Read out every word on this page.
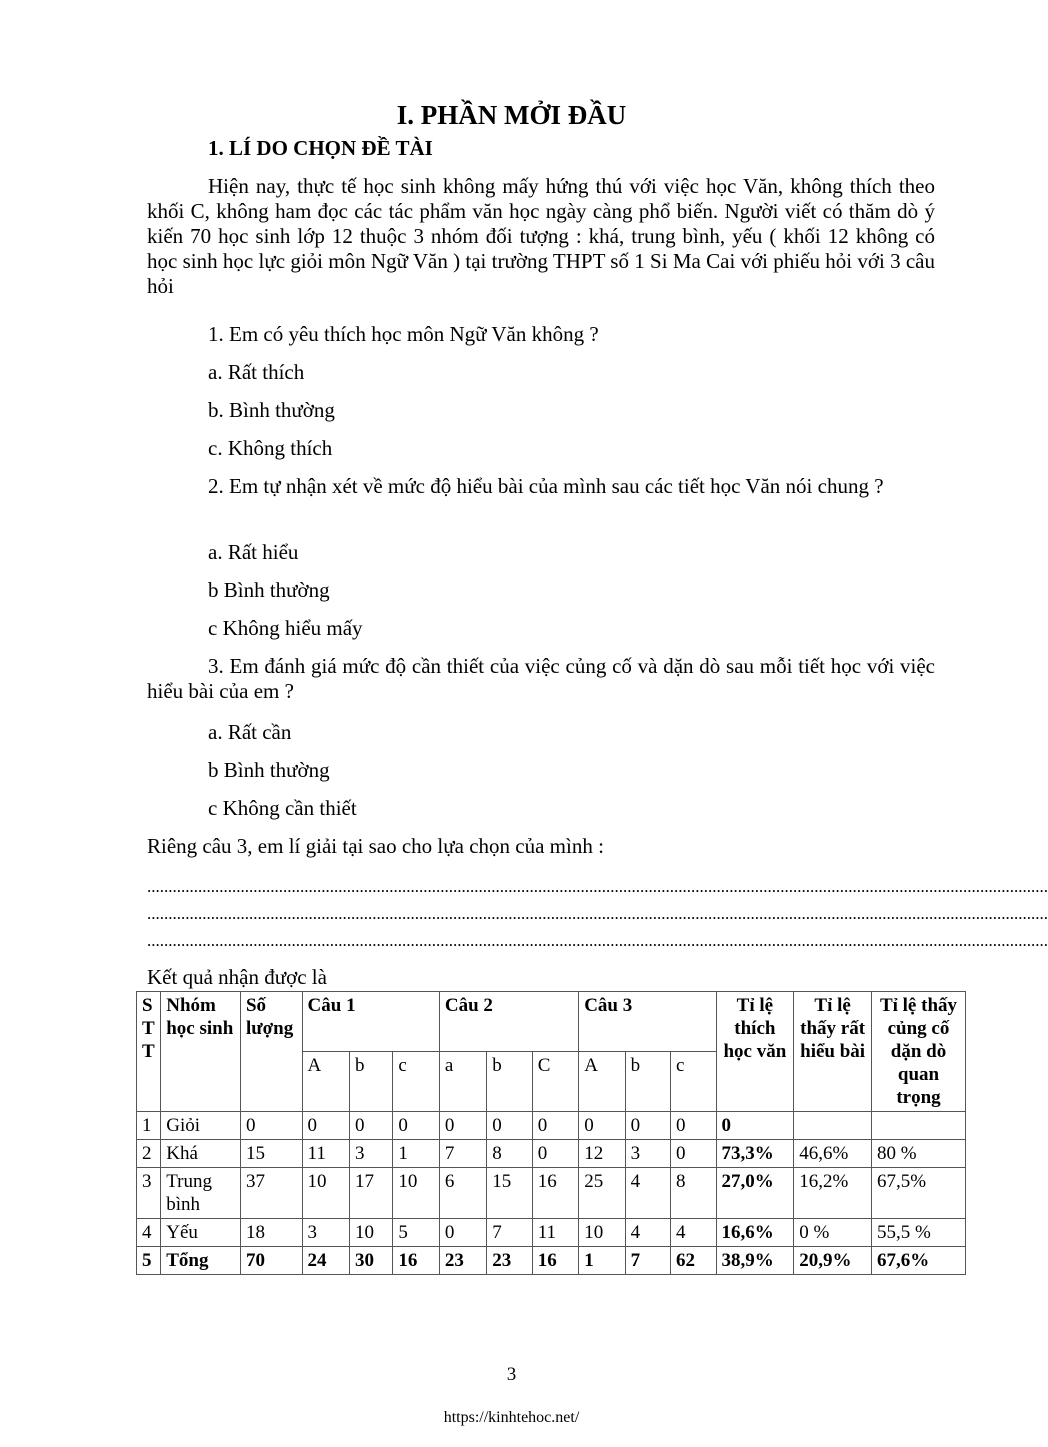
I. PHẦN MỞI ĐẦU
1. LÍ DO CHỌN ĐỀ TÀI

Hiện nay, thực tế học sinh không mấy hứng thú với việc học Văn, không thích theo khối C, không ham đọc các tác phẩm văn học ngày càng phổ biến. Người viết có thăm dò ý kiến 70 học sinh lớp 12 thuộc 3 nhóm đối tượng : khá, trung bình, yếu ( khối 12 không có học sinh học lực giỏi môn Ngữ Văn ) tại trường THPT số 1 Si Ma Cai với phiếu hỏi với 3 câu hỏi

1. Em có yêu thích học môn Ngữ Văn không ?

a. Rất thích

b. Bình thường

c. Không thích

2. Em tự nhận xét về mức độ hiểu bài của mình sau các tiết học Văn nói chung ?

a. Rất hiểu

b Bình thường

c Không hiểu mấy

3. Em đánh giá mức độ cần thiết của việc củng cố và dặn dò sau mỗi tiết học với việc hiểu bài của em ?

a. Rất cần

b Bình thường

c Không cần thiết

Riêng câu 3, em lí giải tại sao cho lựa chọn của mình :

....................................................................................................................................................................................................................

....................................................................................................................................................................................................................

....................................................................................................................................................................................................................

Kết quả nhận được là

S T T	Nhóm học sinh	Số lượng	Câu 1			Câu 2			Câu 3			Tỉ lệ thích học văn	Tỉ lệ thấy rất hiểu bài	Tỉ lệ thấy củng cố dặn dò quan trọng
			A	b	c	a	b	C	A	b	c			
1	Giỏi	0	0	0	0	0	0	0	0	0	0	0		
2	Khá	15	11	3	1	7	8	0	12	3	0	73,3%	46,6%	80 %
3	Trung bình	37	10	17	10	6	15	16	25	4	8	27,0%	16,2%	67,5%
4	Yếu	18	3	10	5	0	7	11	10	4	4	16,6%	0 %	55,5 %
5	Tổng	70	24	30	16	23	23	16	1	7	62	38,9%	20,9%	67,6%
3
https://kinhtehoc.net/
